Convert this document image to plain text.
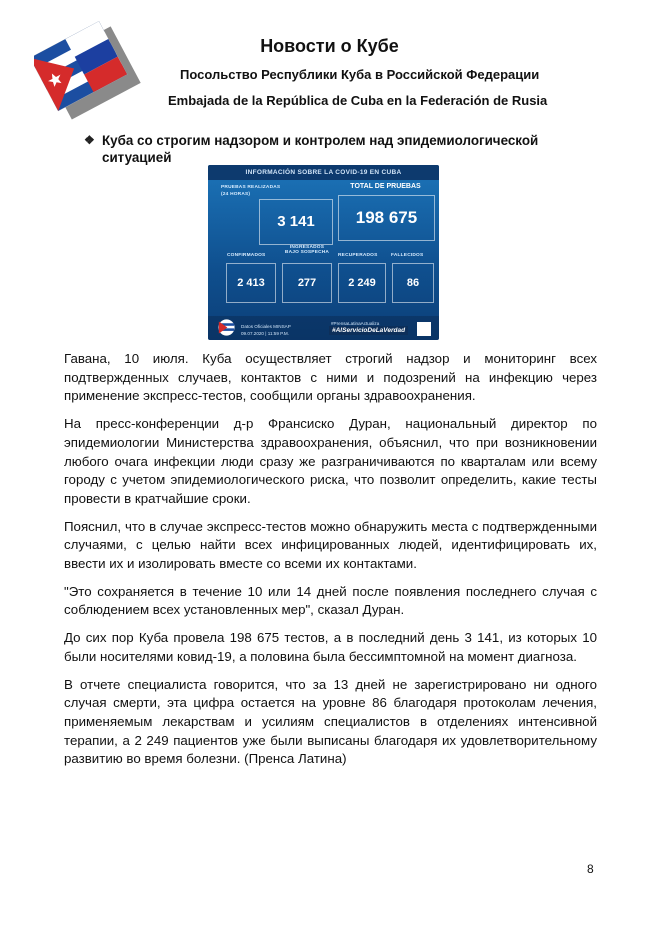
Новости о Кубе
Посольство Республики Куба в Российской Федерации
Embajada de la República de Cuba en la Federación de Rusia
❖ Куба со строгим надзором и контролем над эпидемиологической ситуацией
INFORMACIÓN SOBRE LA COVID-19 EN CUBA
PRUEBAS REALIZADAS
(24 HORAS)
3 141
TOTAL DE PRUEBAS
198 675
CONFIRMADOS
INGRESADOS BAJO SOSPECHA
RECUPERADOS	FALLECIDOS
2 413	277	2 249	86
Datos Oficiales MINSAP
09.07.2020 | 11:59 P.M.
#PrensaLatinaActualiza
#AlServicioDeLaVerdad

Гавана, 10 июля. Куба осуществляет строгий надзор и мониторинг всех подтвержденных случаев, контактов с ними и подозрений на инфекцию через применение экспресс-тестов, сообщили органы здравоохранения.

На пресс-конференции д-р Франсиско Дуран, национальный директор по эпидемиологии Министерства здравоохранения, объяснил, что при возникновении любого очага инфекции люди сразу же разграничиваются по кварталам или всему городу с учетом эпидемиологического риска, что позволит определить, какие тесты провести в кратчайшие сроки.

Пояснил, что в случае экспресс-тестов можно обнаружить места с подтвержденными случаями, с целью найти всех инфицированных людей, идентифицировать их, ввести их и изолировать вместе со всеми их контактами.

"Это сохраняется в течение 10 или 14 дней после появления последнего случая с соблюдением всех установленных мер", сказал Дуран.

До сих пор Куба провела 198 675 тестов, а в последний день 3 141, из которых 10 были носителями ковид-19, а половина была бессимптомной на момент диагноза.

В отчете специалиста говорится, что за 13 дней не зарегистрировано ни одного случая смерти, эта цифра остается на уровне 86 благодаря протоколам лечения, применяемым лекарствам и усилиям специалистов в отделениях интенсивной терапии, а 2 249 пациентов уже были выписаны благодаря их удовлетворительному развитию во время болезни. (Пренса Латина)

8
